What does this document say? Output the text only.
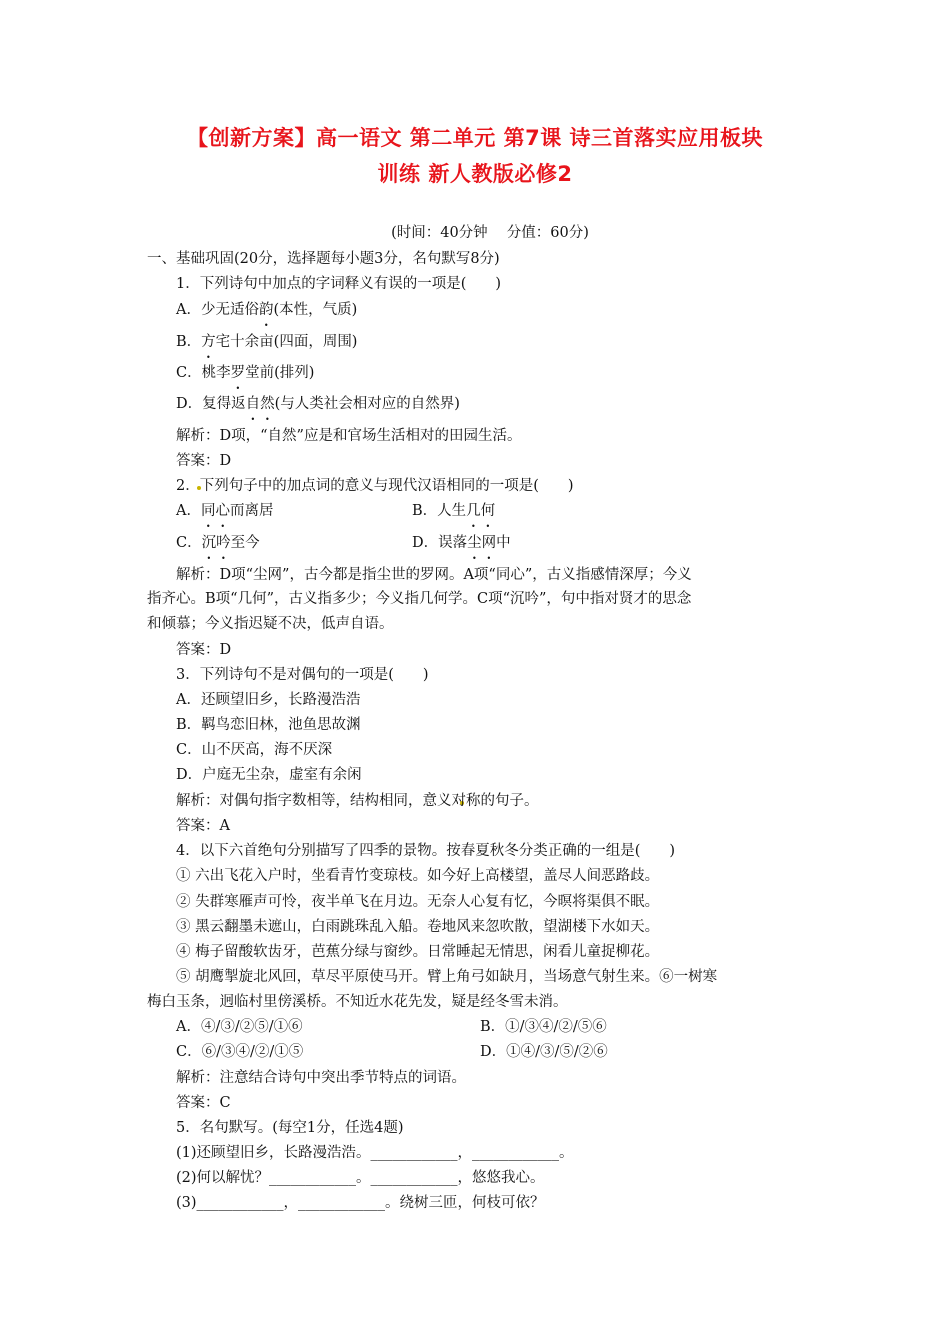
【创新方案】高一语文 第二单元 第7课 诗三首落实应用板块
训练 新人教版必修2
(时间：40分钟　 分值：60分)
一、基础巩固(20分，选择题每小题3分，名句默写8分)
1．下列诗句中加点的字词释义有误的一项是(　　)
A．少无适俗韵(本性，气质)
B．方宅十余亩(四面，周围)
C．桃李罗堂前(排列)
D．复得返自然(与人类社会相对应的自然界)
解析：D项，“自然”应是和官场生活相对的田园生活。
答案：D
2．下列句子中的加点词的意义与现代汉语相同的一项是(　　)
A．同心而离居	B．人生几何
C．沉吟至今	D．误落尘网中
解析：D项“尘网”，古今都是指尘世的罗网。A项“同心”，古义指感情深厚；今义
指齐心。B项“几何”，古义指多少；今义指几何学。C项“沉吟”，句中指对贤才的思念
和倾慕；今义指迟疑不决，低声自语。
答案：D
3．下列诗句不是对偶句的一项是(　　)
A．还顾望旧乡，长路漫浩浩
B．羁鸟恋旧林，池鱼思故渊
C．山不厌高，海不厌深
D．户庭无尘杂，虚室有余闲
解析：对偶句指字数相等，结构相同，意义对称的句子。
答案：A
4．以下六首绝句分别描写了四季的景物。按春夏秋冬分类正确的一组是(　　)
① 六出飞花入户时，坐看青竹变琼枝。如今好上高楼望，盖尽人间恶路歧。
② 失群寒雁声可怜，夜半单飞在月边。无奈人心复有忆，今暝将渠俱不眠。
③ 黑云翻墨未遮山，白雨跳珠乱入船。卷地风来忽吹散，望湖楼下水如天。
④ 梅子留酸软齿牙，芭蕉分绿与窗纱。日常睡起无情思，闲看儿童捉柳花。
⑤ 胡鹰掣旋北风回，草尽平原使马开。臂上角弓如缺月，当场意气射生来。⑥一树寒
梅白玉条，迥临村里傍溪桥。不知近水花先发，疑是经冬雪未消。
A．④/③/②⑤/①⑥	B．①/③④/②/⑤⑥
C．⑥/③④/②/①⑤	D．①④/③/⑤/②⑥
解析：注意结合诗句中突出季节特点的词语。
答案：C
5．名句默写。(每空1分，任选4题)
(1)还顾望旧乡，长路漫浩浩。____________，____________。
(2)何以解忧？____________。____________，悠悠我心。
(3)____________，____________。绕树三匝，何枝可依？
